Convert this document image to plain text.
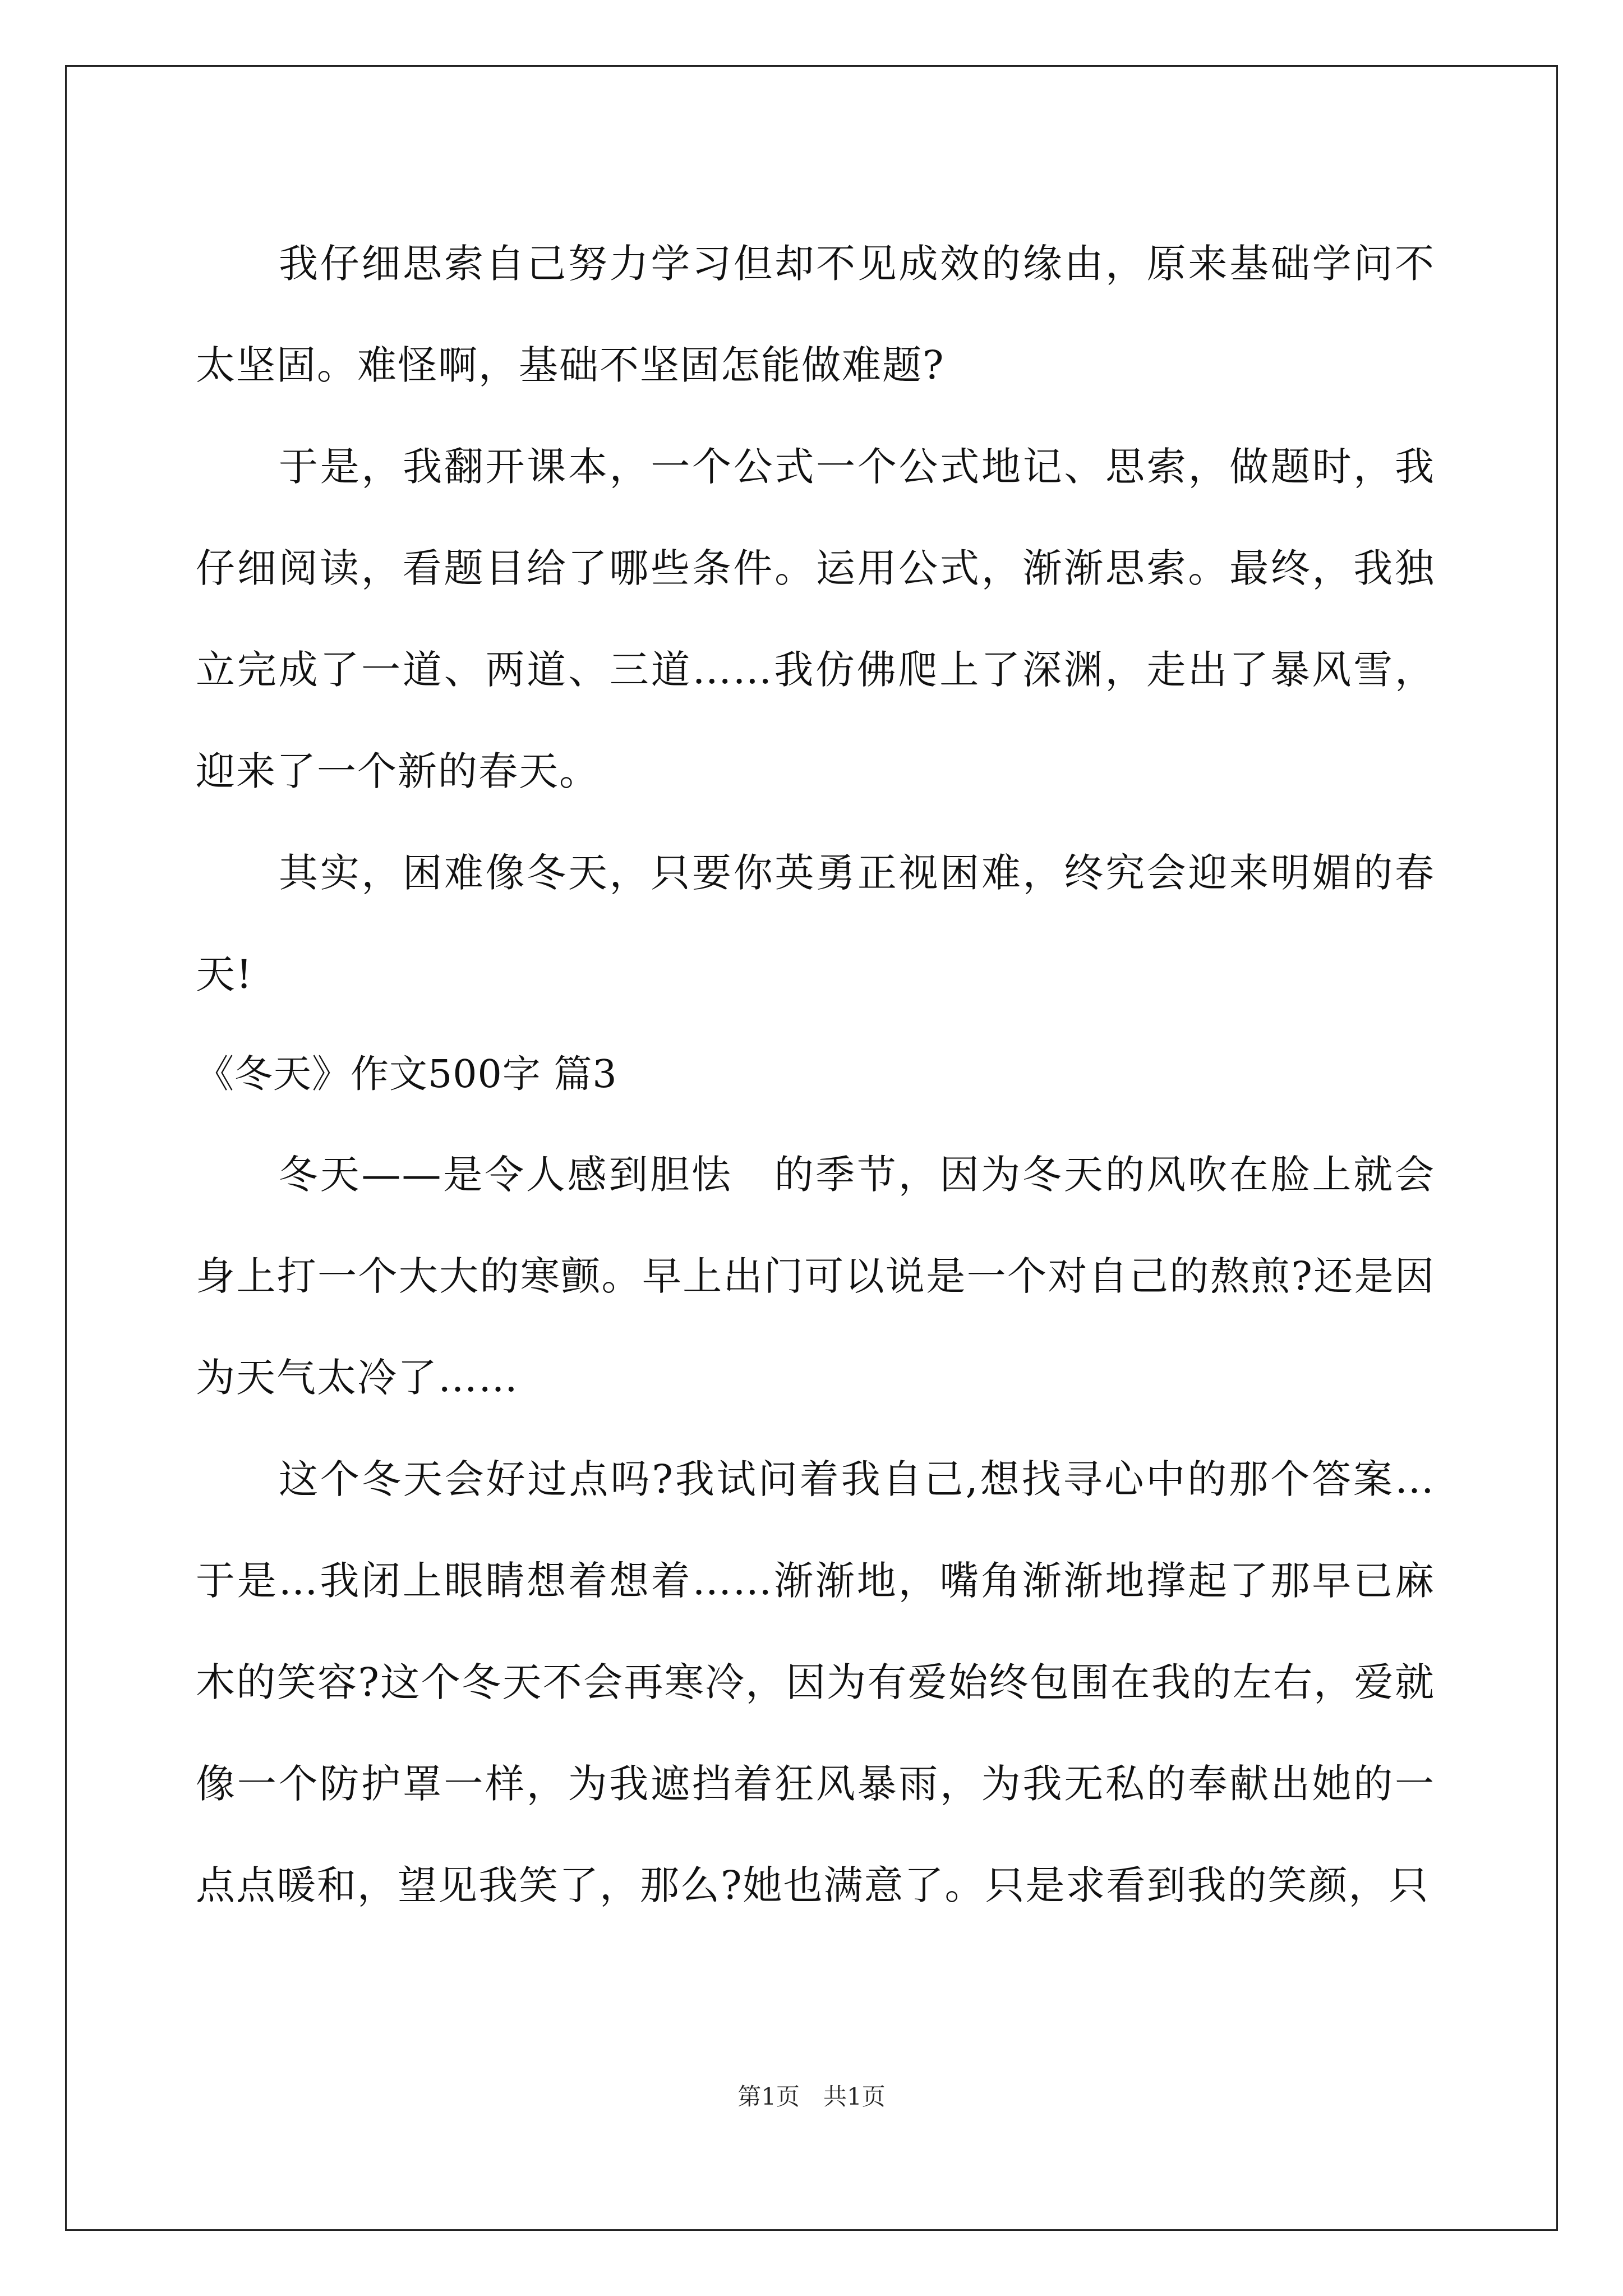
我仔细思索自己努力学习但却不见成效的缘由，原来基础学问不太坚固。难怪啊，基础不坚固怎能做难题?

于是，我翻开课本，一个公式一个公式地记、思索，做题时，我仔细阅读，看题目给了哪些条件。运用公式，渐渐思索。最终，我独立完成了一道、两道、三道……我仿佛爬上了深渊，走出了暴风雪，迎来了一个新的春天。

其实，困难像冬天，只要你英勇正视困难，终究会迎来明媚的春天!

《冬天》作文500字 篇3

冬天——是令人感到胆怯　的季节，因为冬天的风吹在脸上就会身上打一个大大的寒颤。早上出门可以说是一个对自己的熬煎?还是因为天气太冷了……

这个冬天会好过点吗?我试问着我自己,想找寻心中的那个答案…于是…我闭上眼睛想着想着……渐渐地，嘴角渐渐地撑起了那早已麻木的笑容?这个冬天不会再寒冷，因为有爱始终包围在我的左右，爱就像一个防护罩一样，为我遮挡着狂风暴雨，为我无私的奉献出她的一点点暖和，望见我笑了，那么?她也满意了。只是求看到我的笑颜，只

第1页　共1页
